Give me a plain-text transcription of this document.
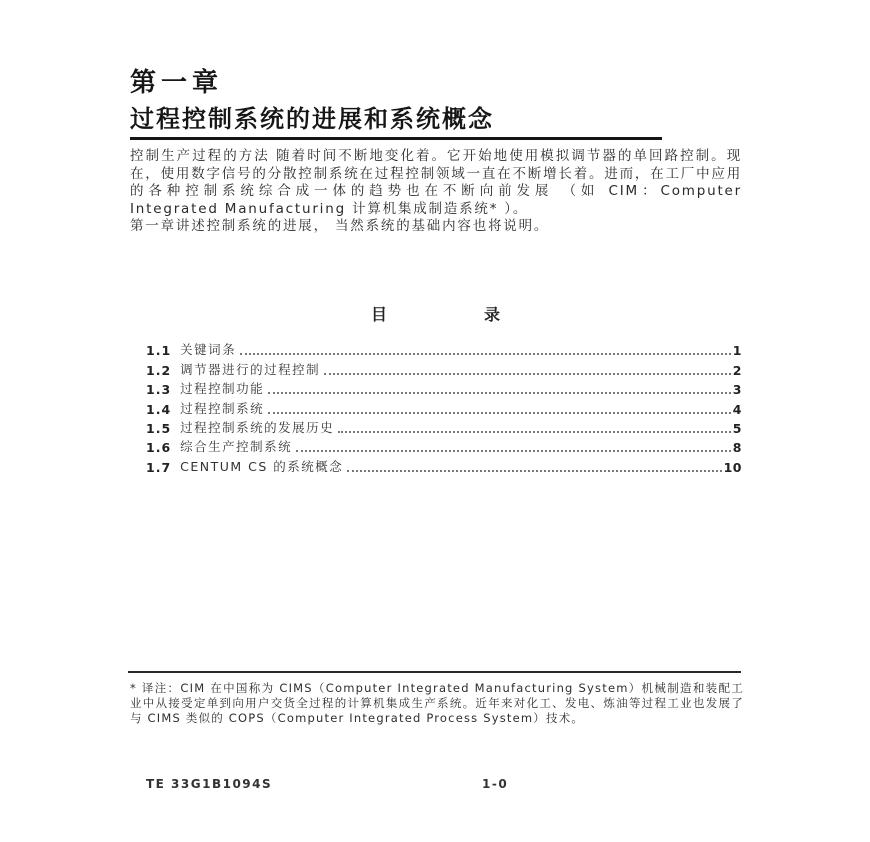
第一章
过程控制系统的进展和系统概念
控制生产过程的方法 随着时间不断地变化着。它开始地使用模拟调节器的单回路控制。现在，使用数字信号的分散控制系统在过程控制领域一直在不断增长着。进而，在工厂中应用的各种控制系统综合成一体的趋势也在不断向前发展 （如 CIM：Computer Integrated Manufacturing 计算机集成制造系统* ）。
第一章讲述控制系统的进展， 当然系统的基础内容也将说明。
目	录
1.1 关键词条	1
1.2 调节器进行的过程控制	2
1.3 过程控制功能	3
1.4 过程控制系统	4
1.5 过程控制系统的发展历史	5
1.6 综合生产控制系统	8
1.7 CENTUM CS 的系统概念	10
* 译注：CIM 在中国称为 CIMS（Computer Integrated Manufacturing System）机械制造和装配工业中从接受定单到向用户交货全过程的计算机集成生产系统。近年来对化工、发电、炼油等过程工业也发展了与 CIMS 类似的 COPS（Computer Integrated Process System）技术。
TE 33G1B1094S	1-0
